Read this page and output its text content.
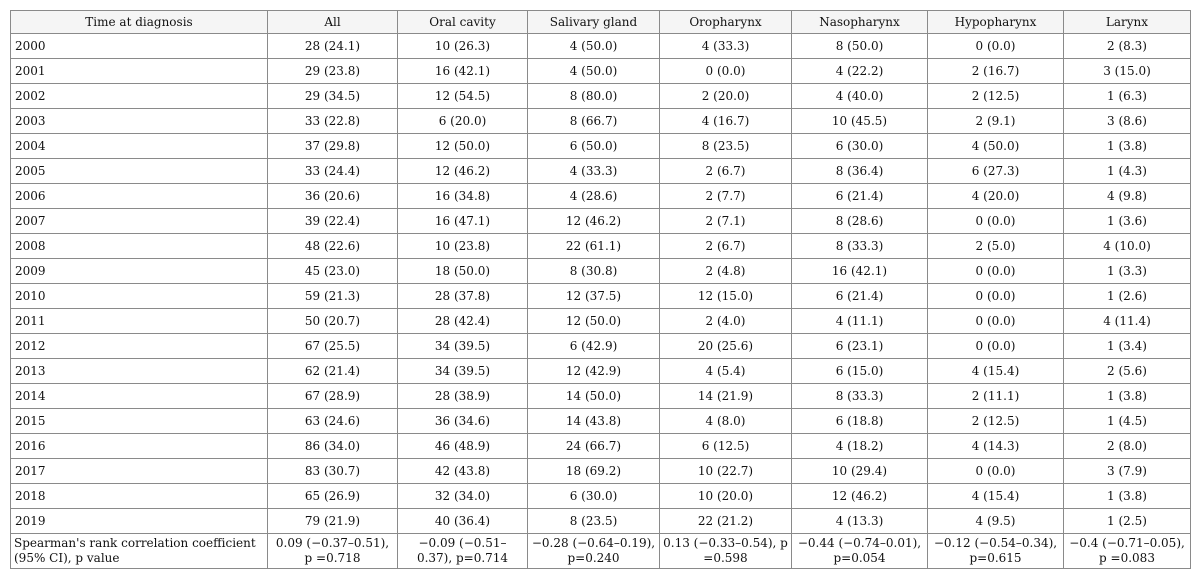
Time at diagnosis	All	Oral cavity	Salivary gland	Oropharynx	Nasopharynx	Hypopharynx	Larynx
2000	28 (24.1)	10 (26.3)	4 (50.0)	4 (33.3)	8 (50.0)	0 (0.0)	2 (8.3)
2001	29 (23.8)	16 (42.1)	4 (50.0)	0 (0.0)	4 (22.2)	2 (16.7)	3 (15.0)
2002	29 (34.5)	12 (54.5)	8 (80.0)	2 (20.0)	4 (40.0)	2 (12.5)	1 (6.3)
2003	33 (22.8)	6 (20.0)	8 (66.7)	4 (16.7)	10 (45.5)	2 (9.1)	3 (8.6)
2004	37 (29.8)	12 (50.0)	6 (50.0)	8 (23.5)	6 (30.0)	4 (50.0)	1 (3.8)
2005	33 (24.4)	12 (46.2)	4 (33.3)	2 (6.7)	8 (36.4)	6 (27.3)	1 (4.3)
2006	36 (20.6)	16 (34.8)	4 (28.6)	2 (7.7)	6 (21.4)	4 (20.0)	4 (9.8)
2007	39 (22.4)	16 (47.1)	12 (46.2)	2 (7.1)	8 (28.6)	0 (0.0)	1 (3.6)
2008	48 (22.6)	10 (23.8)	22 (61.1)	2 (6.7)	8 (33.3)	2 (5.0)	4 (10.0)
2009	45 (23.0)	18 (50.0)	8 (30.8)	2 (4.8)	16 (42.1)	0 (0.0)	1 (3.3)
2010	59 (21.3)	28 (37.8)	12 (37.5)	12 (15.0)	6 (21.4)	0 (0.0)	1 (2.6)
2011	50 (20.7)	28 (42.4)	12 (50.0)	2 (4.0)	4 (11.1)	0 (0.0)	4 (11.4)
2012	67 (25.5)	34 (39.5)	6 (42.9)	20 (25.6)	6 (23.1)	0 (0.0)	1 (3.4)
2013	62 (21.4)	34 (39.5)	12 (42.9)	4 (5.4)	6 (15.0)	4 (15.4)	2 (5.6)
2014	67 (28.9)	28 (38.9)	14 (50.0)	14 (21.9)	8 (33.3)	2 (11.1)	1 (3.8)
2015	63 (24.6)	36 (34.6)	14 (43.8)	4 (8.0)	6 (18.8)	2 (12.5)	1 (4.5)
2016	86 (34.0)	46 (48.9)	24 (66.7)	6 (12.5)	4 (18.2)	4 (14.3)	2 (8.0)
2017	83 (30.7)	42 (43.8)	18 (69.2)	10 (22.7)	10 (29.4)	0 (0.0)	3 (7.9)
2018	65 (26.9)	32 (34.0)	6 (30.0)	10 (20.0)	12 (46.2)	4 (15.4)	1 (3.8)
2019	79 (21.9)	40 (36.4)	8 (23.5)	22 (21.2)	4 (13.3)	4 (9.5)	1 (2.5)
Spearman's rank correlation coefficient (95% CI), p value	0.09 (−0.37–0.51), p =0.718	−0.09 (−0.51–0.37), p=0.714	−0.28 (−0.64–0.19), p=0.240	0.13 (−0.33–0.54), p =0.598	−0.44 (−0.74–0.01), p=0.054	−0.12 (−0.54–0.34), p=0.615	−0.4 (−0.71–0.05), p =0.083
